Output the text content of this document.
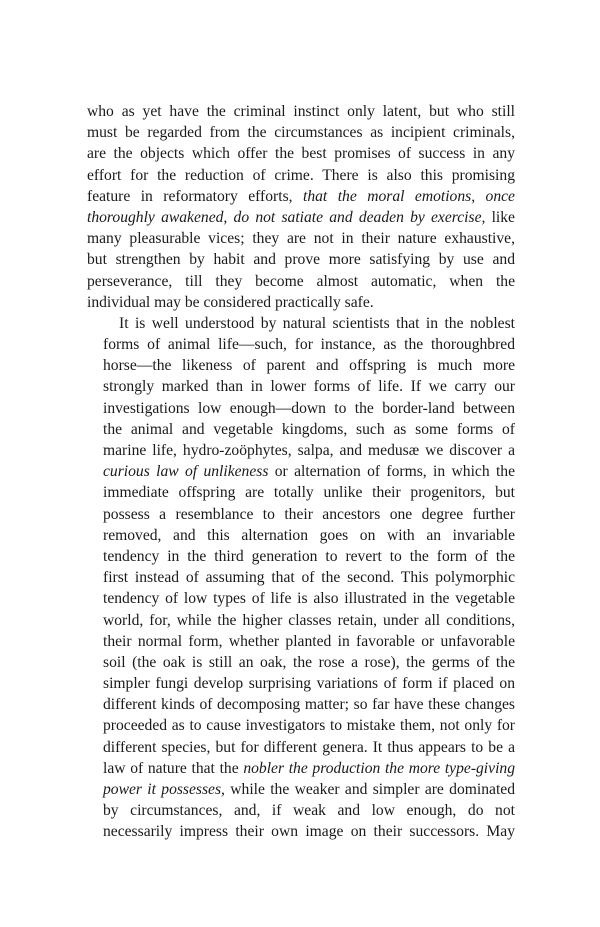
who as yet have the criminal instinct only latent, but who still
must be regarded from the circumstances as incipient criminals,
are the objects which offer the best promises of success in any
effort for the reduction of crime. There is also this promising
feature in reformatory efforts, that the moral emotions, once
thoroughly awakened, do not satiate and deaden by exercise, like
many pleasurable vices; they are not in their nature exhaustive,
but strengthen by habit and prove more satisfying by use and
perseverance, till they become almost automatic, when the
individual may be considered practically safe.
It is well understood by natural scientists that in the noblest
forms of animal life—such, for instance, as the thoroughbred
horse—the likeness of parent and offspring is much more
strongly marked than in lower forms of life. If we carry our
investigations low enough—down to the border-land between
the animal and vegetable kingdoms, such as some forms of
marine life, hydro-zoöphytes, salpa, and medusæ we discover a
curious law of unlikeness or alternation of forms, in which the
immediate offspring are totally unlike their progenitors, but
possess a resemblance to their ancestors one degree further
removed, and this alternation goes on with an invariable
tendency in the third generation to revert to the form of the
first instead of assuming that of the second. This polymorphic
tendency of low types of life is also illustrated in the vegetable
world, for, while the higher classes retain, under all conditions,
their normal form, whether planted in favorable or unfavorable
soil (the oak is still an oak, the rose a rose), the germs of the
simpler fungi develop surprising variations of form if placed on
different kinds of decomposing matter; so far have these changes
proceeded as to cause investigators to mistake them, not only for
different species, but for different genera. It thus appears to be a
law of nature that the nobler the production the more type-giving
power it possesses, while the weaker and simpler are dominated
by circumstances, and, if weak and low enough, do not
necessarily impress their own image on their successors. May
